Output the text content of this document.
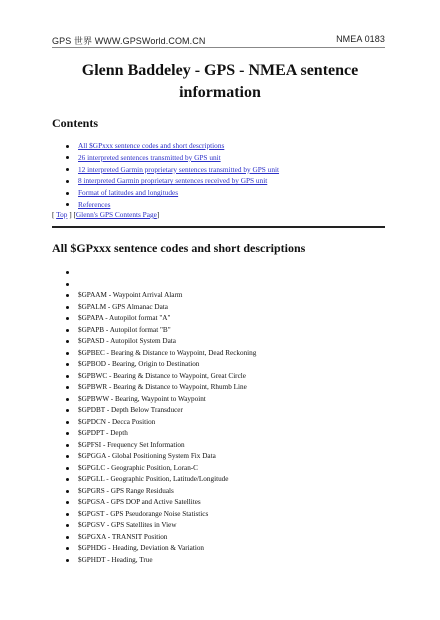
GPS 世界 WWW.GPSWorld.COM.CN	NMEA 0183
Glenn Baddeley - GPS - NMEA sentence information
Contents
All $GPxxx sentence codes and short descriptions
26 interpreted sentences transmitted by GPS unit
12 interpreted Garmin proprietary sentences transmitted by GPS unit
8 interpreted Garmin proprietary sentences received by GPS unit
Format of latitudes and longitudes
References
[ Top ] [Glenn's GPS Contents Page]
All $GPxxx sentence codes and short descriptions
$GPAAM - Waypoint Arrival Alarm
$GPALM - GPS Almanac Data
$GPAPA - Autopilot format "A"
$GPAPB - Autopilot format "B"
$GPASD - Autopilot System Data
$GPBEC - Bearing & Distance to Waypoint, Dead Reckoning
$GPBOD - Bearing, Origin to Destination
$GPBWC - Bearing & Distance to Waypoint, Great Circle
$GPBWR - Bearing & Distance to Waypoint, Rhumb Line
$GPBWW - Bearing, Waypoint to Waypoint
$GPDBT - Depth Below Transducer
$GPDCN - Decca Position
$GPDPT - Depth
$GPFSI - Frequency Set Information
$GPGGA - Global Positioning System Fix Data
$GPGLC - Geographic Position, Loran-C
$GPGLL - Geographic Position, Latitude/Longitude
$GPGRS - GPS Range Residuals
$GPGSA - GPS DOP and Active Satellites
$GPGST - GPS Pseudorange Noise Statistics
$GPGSV - GPS Satellites in View
$GPGXA - TRANSIT Position
$GPHDG - Heading, Deviation & Variation
$GPHDT - Heading, True
